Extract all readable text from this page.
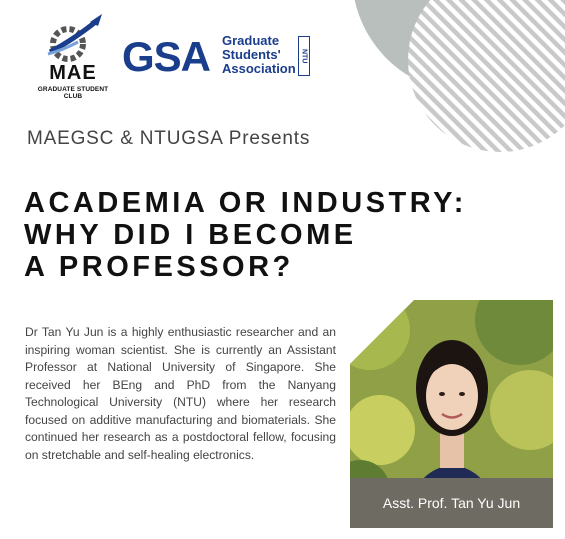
MAE
GRADUATE STUDENT CLUB
GSA Graduate
Students'
Association
NTU
MAEGSC & NTUGSA Presents
ACADEMIA OR INDUSTRY:
WHY DID I BECOME
A PROFESSOR?
Dr Tan Yu Jun is a highly enthusiastic researcher and an inspiring woman scientist. She is currently an Assistant Professor at National University of Singapore. She received her BEng and PhD from the Nanyang Technological University (NTU) where her research focused on additive manufacturing and biomaterials. She continued her research as a postdoctoral fellow, focusing on stretchable and self-healing electronics.
Asst. Prof. Tan Yu Jun
